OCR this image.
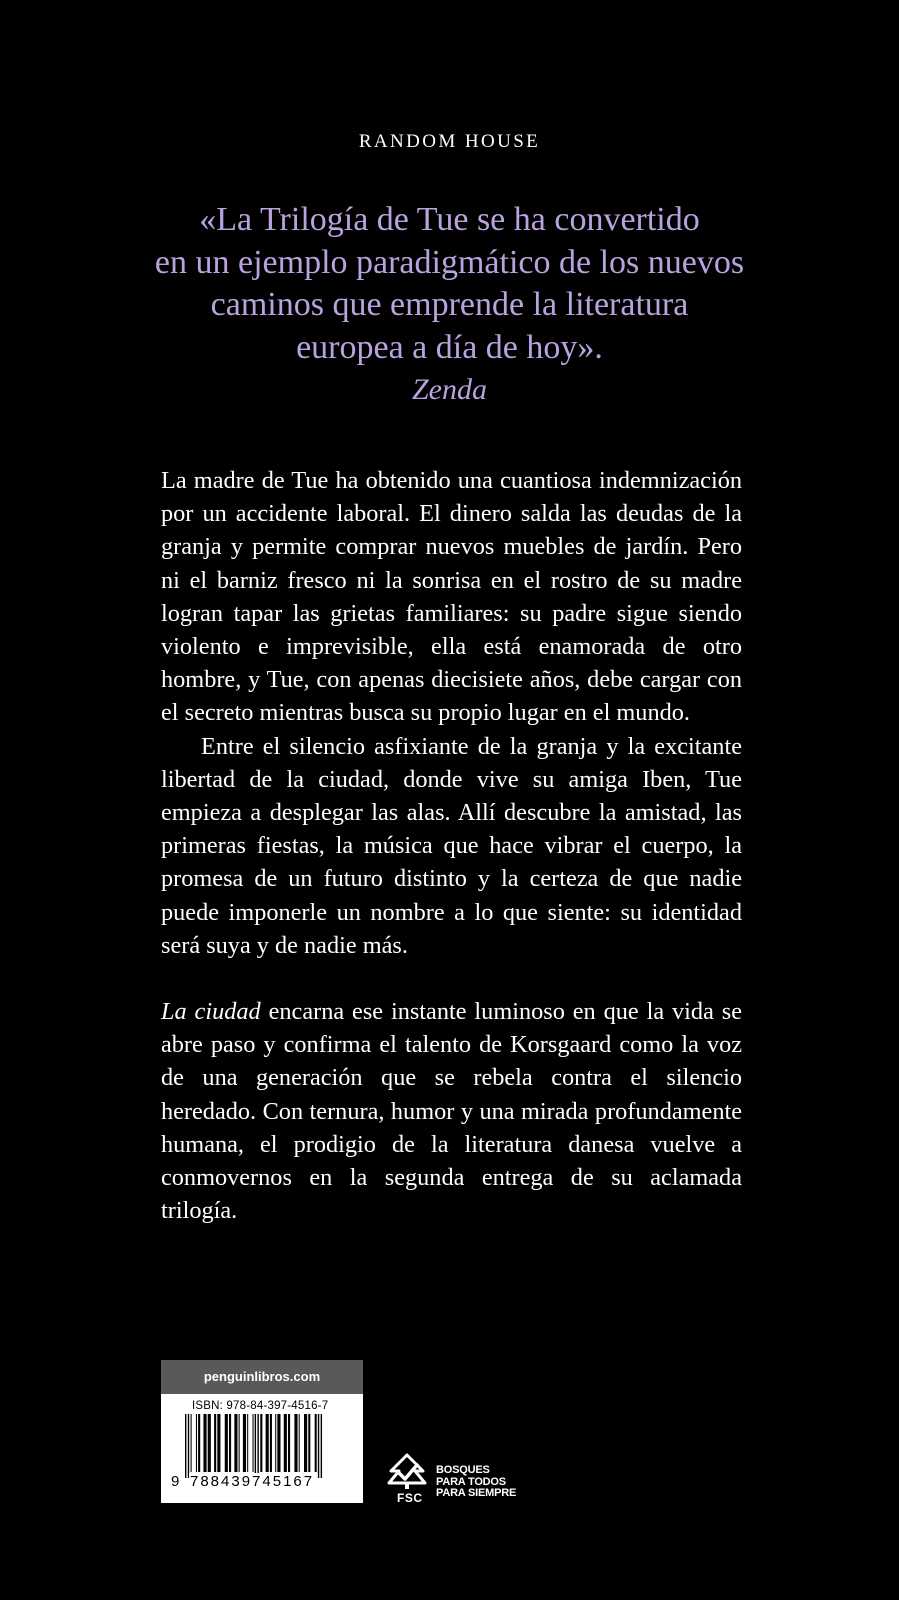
RANDOM HOUSE

«La Trilogía de Tue se ha convertido

en un ejemplo paradigmático de los nuevos

caminos que emprende la literatura

europea a día de hoy».

Zenda

La madre de Tue ha obtenido una cuantiosa indemnización por un accidente laboral. El dinero salda las deudas de la granja y permite comprar nuevos muebles de jardín. Pero ni el barniz fresco ni la sonrisa en el rostro de su madre logran tapar las grietas familiares: su padre sigue siendo violento e imprevisible, ella está enamorada de otro hombre, y Tue, con apenas diecisiete años, debe cargar con el secreto mientras busca su propio lugar en el mundo.

Entre el silencio asfixiante de la granja y la excitante libertad de la ciudad, donde vive su amiga Iben, Tue empieza a desplegar las alas. Allí descubre la amistad, las primeras fiestas, la música que hace vibrar el cuerpo, la promesa de un futuro distinto y la certeza de que nadie puede imponerle un nombre a lo que siente: su identidad será suya y de nadie más.

La ciudad encarna ese instante luminoso en que la vida se abre paso y confirma el talento de Korsgaard como la voz de una generación que se rebela contra el silencio heredado. Con ternura, humor y una mirada profundamente humana, el prodigio de la literatura danesa vuelve a conmovernos en la segunda entrega de su aclamada trilogía.

penguinlibros.com
ISBN: 978-84-397-4516-7
9 788439745167
FSC
BOSQUES
PARA TODOS
PARA SIEMPRE
